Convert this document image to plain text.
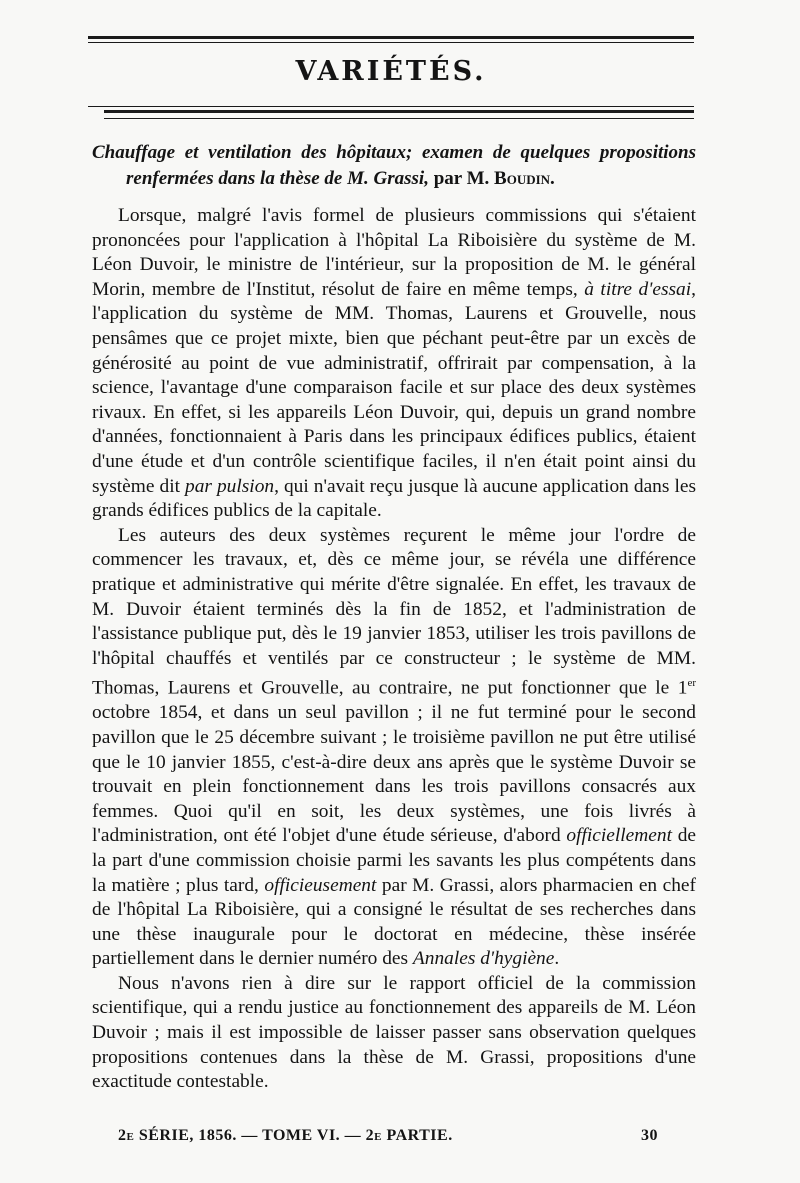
VARIÉTÉS.
Chauffage et ventilation des hôpitaux; examen de quelques propositions
renfermées dans la thèse de M. Grassi, par M. Boudin.

Lorsque, malgré l'avis formel de plusieurs commissions qui s'étaient prononcées pour l'application à l'hôpital La Riboisière du système de M. Léon Duvoir, le ministre de l'intérieur, sur la proposition de M. le général Morin, membre de l'Institut, résolut de faire en même temps, à titre d'essai, l'application du système de MM. Thomas, Laurens et Grouvelle, nous pensâmes que ce projet mixte, bien que péchant peut-être par un excès de générosité au point de vue administratif, offrirait par compensation, à la science, l'avantage d'une comparaison facile et sur place des deux systèmes rivaux. En effet, si les appareils Léon Duvoir, qui, depuis un grand nombre d'années, fonctionnaient à Paris dans les principaux édifices publics, étaient d'une étude et d'un contrôle scientifique faciles, il n'en était point ainsi du système dit par pulsion, qui n'avait reçu jusque là aucune application dans les grands édifices publics de la capitale.

Les auteurs des deux systèmes reçurent le même jour l'ordre de commencer les travaux, et, dès ce même jour, se révéla une différence pratique et administrative qui mérite d'être signalée. En effet, les travaux de M. Duvoir étaient terminés dès la fin de 1852, et l'administration de l'assistance publique put, dès le 19 janvier 1853, utiliser les trois pavillons de l'hôpital chauffés et ventilés par ce constructeur ; le système de MM. Thomas, Laurens et Grouvelle, au contraire, ne put fonctionner que le 1er octobre 1854, et dans un seul pavillon ; il ne fut terminé pour le second pavillon que le 25 décembre suivant ; le troisième pavillon ne put être utilisé que le 10 janvier 1855, c'est-à-dire deux ans après que le système Duvoir se trouvait en plein fonctionnement dans les trois pavillons consacrés aux femmes. Quoi qu'il en soit, les deux systèmes, une fois livrés à l'administration, ont été l'objet d'une étude sérieuse, d'abord officiellement de la part d'une commission choisie parmi les savants les plus compétents dans la matière ; plus tard, officieusement par M. Grassi, alors pharmacien en chef de l'hôpital La Riboisière, qui a consigné le résultat de ses recherches dans une thèse inaugurale pour le doctorat en médecine, thèse insérée partiellement dans le dernier numéro des Annales d'hygiène.

Nous n'avons rien à dire sur le rapport officiel de la commission scientifique, qui a rendu justice au fonctionnement des appareils de M. Léon Duvoir ; mais il est impossible de laisser passer sans observation quelques propositions contenues dans la thèse de M. Grassi, propositions d'une exactitude contestable.

2e SÉRIE, 1856. — TOME VI. — 2e PARTIE.	30
